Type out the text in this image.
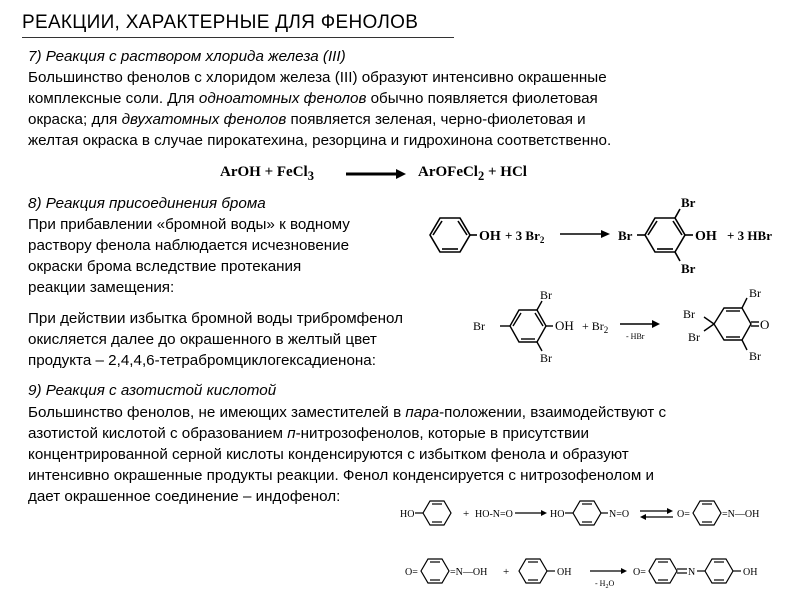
РЕАКЦИИ, ХАРАКТЕРНЫЕ ДЛЯ ФЕНОЛОВ
7) Реакция с раствором хлорида железа (III)
Большинство фенолов с хлоридом железа (III) образуют интенсивно окрашенные
комплексные соли. Для одноатомных фенолов обычно появляется фиолетовая
окраска; для двухатомных фенолов появляется зеленая, черно-фиолетовая и
желтая окраска в случае пирокатехина, резорцина и гидрохинона соответственно.
ArOH + FeCl$_3$ → ArOFeCl$_2$ + HCl
8) Реакция присоединения брома
При прибавлении «бромной воды» к водному
раствору фенола наблюдается исчезновение
окраски брома вследствие протекания
реакции замещения:
При действии избытка бромной воды трибромфенол
окисляется далее до окрашенного в желтый цвет
продукта – 2,4,4,6-тетрабромциклогексадиенона:
OH + 3 $Br_2$
Br
Br
Br	OH + 3 HBr
Br
Br
Br	OH + $Br_2$
- HBr
O
Br
Br
Br
Br
9) Реакция с азотистой кислотой
Большинство фенолов, не имеющих заместителей в пара-положении, взаимодействуют с
азотистой кислотой с образованием п-нитрозофенолов, которые в присутствии
концентрированной серной кислоты конденсируются с избытком фенола и образуют
интенсивно окрашенные продукты реакции. Фенол конденсируется с нитрозофенолом и
дает окрашенное соединение – индофенол:
HO	+ HO-N=O	HO	N=O	O=	=N—OH
O=	=N—OH +	OH
- $H_2O$
O=	N	OH
